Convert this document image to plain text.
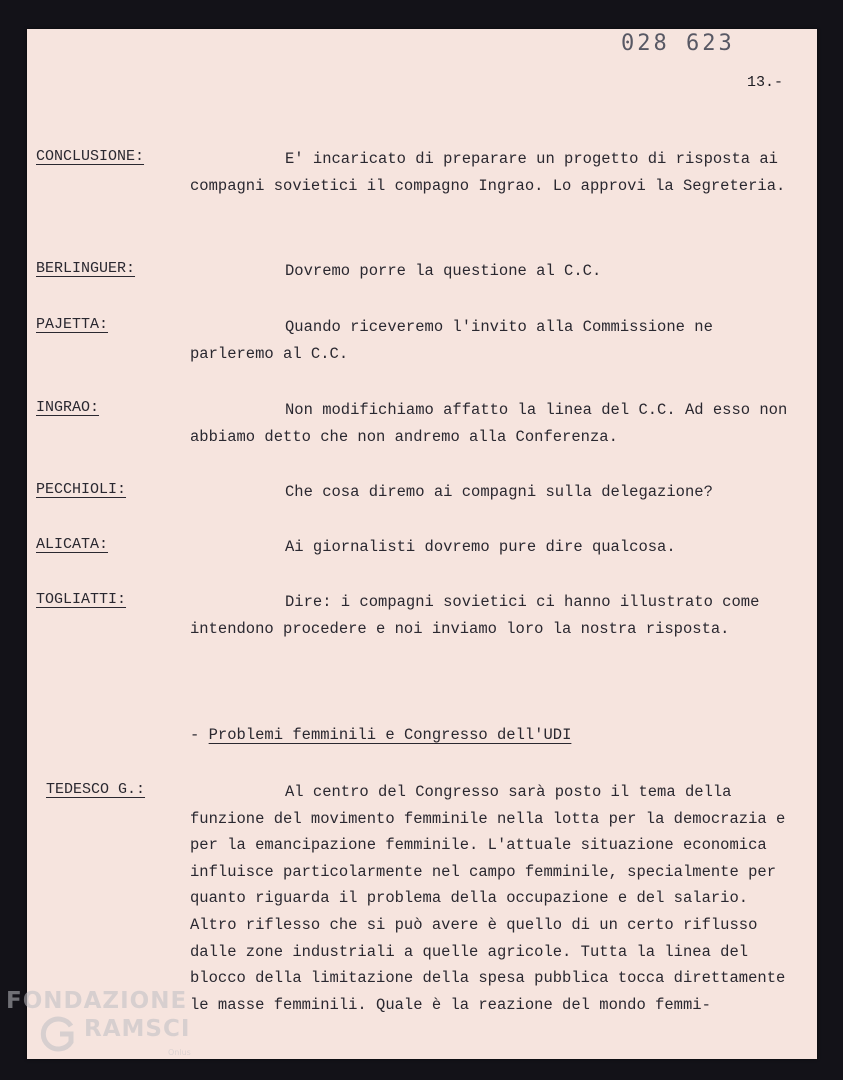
028 623
13.-
CONCLUSIONE:	E' incaricato di preparare un progetto di risposta ai compagni sovietici il compagno Ingrao. Lo approvi la Segreteria.

BERLINGUER:	Dovremo porre la questione al C.C.

PAJETTA:	Quando riceveremo l'invito alla Commissione ne parleremo al C.C.

INGRAO:	Non modifichiamo affatto la linea del C.C. Ad esso non abbiamo detto che non andremo alla Conferenza.

PECCHIOLI:	Che cosa diremo ai compagni sulla delegazione?

ALICATA:	Ai giornalisti dovremo pure dire qualcosa.

TOGLIATTI:	Dire: i compagni sovietici ci hanno illustrato come intendono procedere e noi inviamo loro la nostra risposta.

- Problemi femminili e Congresso dell'UDI
TEDESCO G.:	Al centro del Congresso sarà posto il tema della funzione del movimento femminile nella lotta per la democrazia e per la emancipazione femminile. L'attuale situazione economica influisce particolarmente nel campo femminile, specialmente per quanto riguarda il problema della occupazione e del salario. Altro riflesso che si può avere è quello di un certo riflusso dalle zone industriali a quelle agricole. Tutta la linea del blocco della limitazione della spesa pubblica tocca direttamente le masse femminili. Quale è la reazione del mondo femmi-

FONDAZIONE
RAMSCI
Onlus
